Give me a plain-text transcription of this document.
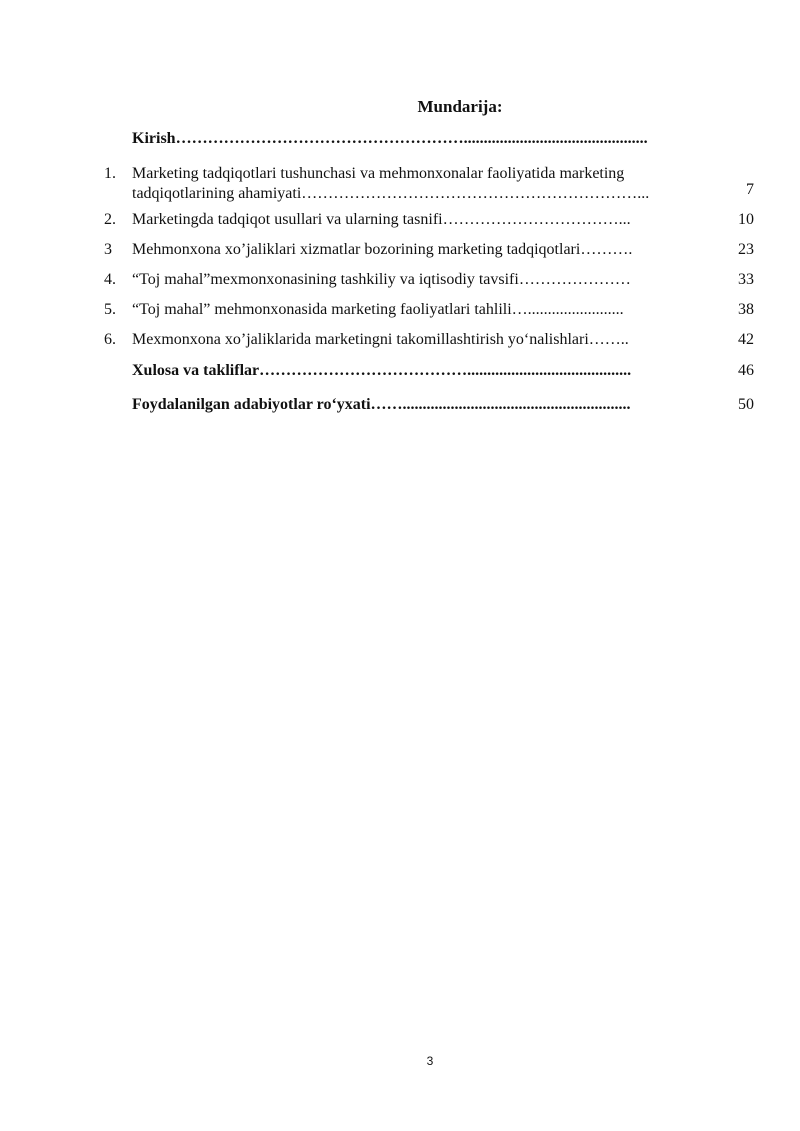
Mundarija:
Kirish………………………………………………..............................................
1. Marketing tadqiqotlari tushunchasi va mehmonxonalar faoliyatida marketing
tadqiqotlarining ahamiyati………………………………………………………...	7
2. Marketingda tadqiqot usullari va ularning tasnifi……………………………...	10
3 Mehmonxona xo’jaliklari xizmatlar bozorining marketing tadqiqotlari……….	23
4. “Toj mahal”mexmonxonasining tashkiliy va iqtisodiy tavsifi…………………	33
5. “Toj mahal” mehmonxonasida marketing faoliyatlari tahlili…........................	38
6. Mexmonxona xo’jaliklarida marketingni takomillashtirish yo‘nalishlari……..	42
Xulosa va takliflar………………………………….........................................	46
Foydalanilgan adabiyotlar ro‘yxati…….........................................................	50
3
